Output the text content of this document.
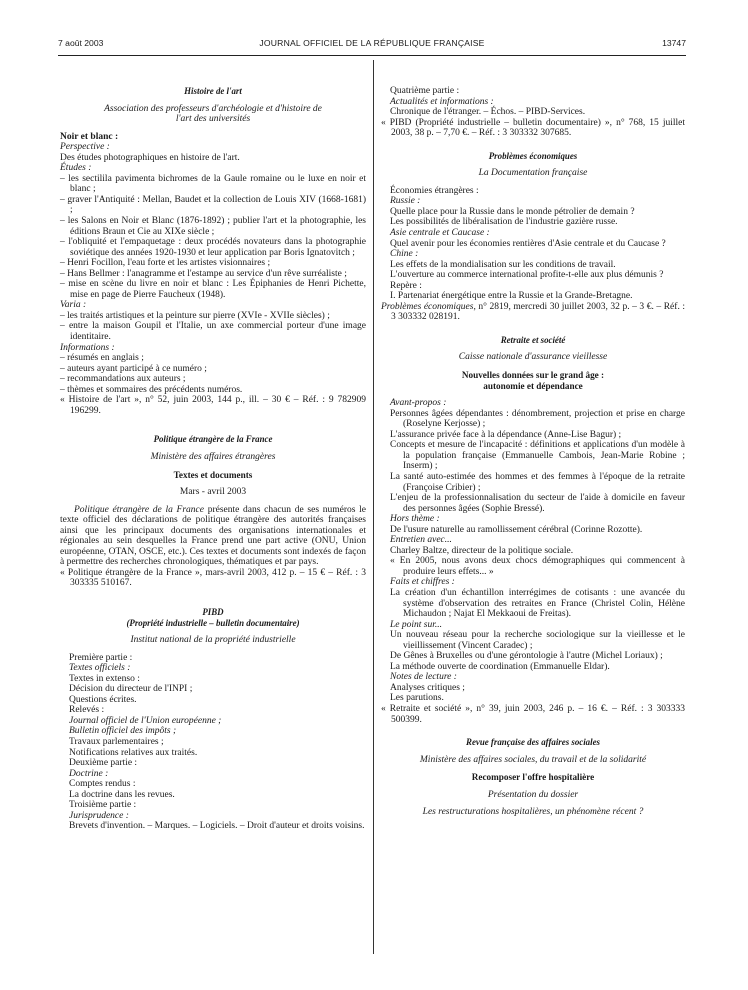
7 août 2003	JOURNAL OFFICIEL DE LA RÉPUBLIQUE FRANÇAISE	13747

Histoire de l'art

Association des professeurs d'archéologie et d'histoire de l'art des universités

Noir et blanc :

Perspective :

Des études photographiques en histoire de l'art.

Études :

– les sectilila pavimenta bichromes de la Gaule romaine ou le luxe en noir et blanc ;

– graver l'Antiquité : Mellan, Baudet et la collection de Louis XIV (1668-1681) ;

– les Salons en Noir et Blanc (1876-1892) ; publier l'art et la photographie, les éditions Braun et Cie au XIXe siècle ;

– l'obliquité et l'empaquetage : deux procédés novateurs dans la photographie soviétique des années 1920-1930 et leur application par Boris Ignatovitch ;

– Henri Focillon, l'eau forte et les artistes visionnaires ;

– Hans Bellmer : l'anagramme et l'estampe au service d'un rêve surréaliste ;

– mise en scène du livre en noir et blanc : Les Épiphanies de Henri Pichette, mise en page de Pierre Faucheux (1948).

Varia :

– les traités artistiques et la peinture sur pierre (XVIe - XVIIe siècles) ;

– entre la maison Goupil et l'Italie, un axe commercial porteur d'une image identitaire.

Informations :

– résumés en anglais ;

– auteurs ayant participé à ce numéro ;

– recommandations aux auteurs ;

– thèmes et sommaires des précédents numéros.

« Histoire de l'art », n° 52, juin 2003, 144 p., ill. – 30 € – Réf. : 9 782909 196299.

Politique étrangère de la France

Ministère des affaires étrangères

Textes et documents

Mars - avril 2003

Politique étrangère de la France présente dans chacun de ses numéros le texte officiel des déclarations de politique étrangère des autorités françaises ainsi que les principaux documents des organisations internationales et régionales au sein desquelles la France prend une part active (ONU, Union européenne, OTAN, OSCE, etc.). Ces textes et documents sont indexés de façon à permettre des recherches chronologiques, thématiques et par pays.

« Politique étrangère de la France », mars-avril 2003, 412 p. – 15 € – Réf. : 3 303335 510167.

PIBD

(Propriété industrielle – bulletin documentaire)

Institut national de la propriété industrielle

Première partie :

Textes officiels :

Textes in extenso :

Décision du directeur de l'INPI ;

Questions écrites.

Relevés :

Journal officiel de l'Union européenne ;

Bulletin officiel des impôts ;

Travaux parlementaires ;

Notifications relatives aux traités.

Deuxième partie :

Doctrine :

Comptes rendus :

La doctrine dans les revues.

Troisième partie :

Jurisprudence :

Brevets d'invention. – Marques. – Logiciels. – Droit d'auteur et droits voisins.

Quatrième partie :

Actualités et informations :

Chronique de l'étranger. – Échos. – PIBD-Services.

« PIBD (Propriété industrielle – bulletin documentaire) », n° 768, 15 juillet 2003, 38 p. – 7,70 €. – Réf. : 3 303332 307685.

Problèmes économiques

La Documentation française

Économies étrangères :

Russie :

Quelle place pour la Russie dans le monde pétrolier de demain ?

Les possibilités de libéralisation de l'industrie gazière russe.

Asie centrale et Caucase :

Quel avenir pour les économies rentières d'Asie centrale et du Caucase ?

Chine :

Les effets de la mondialisation sur les conditions de travail.

L'ouverture au commerce international profite-t-elle aux plus démunis ?

Repère :

I. Partenariat énergétique entre la Russie et la Grande-Bretagne.

Problèmes économiques, n° 2819, mercredi 30 juillet 2003, 32 p. – 3 €. – Réf. : 3 303332 028191.

Retraite et société

Caisse nationale d'assurance vieillesse

Nouvelles données sur le grand âge :

autonomie et dépendance

Avant-propos :

Personnes âgées dépendantes : dénombrement, projection et prise en charge (Roselyne Kerjosse) ;

L'assurance privée face à la dépendance (Anne-Lise Bagur) ;

Concepts et mesure de l'incapacité : définitions et applications d'un modèle à la population française (Emmanuelle Cambois, Jean-Marie Robine ; Inserm) ;

La santé auto-estimée des hommes et des femmes à l'époque de la retraite (Françoise Cribier) ;

L'enjeu de la professionnalisation du secteur de l'aide à domicile en faveur des personnes âgées (Sophie Bressé).

Hors thème :

De l'usure naturelle au ramollissement cérébral (Corinne Rozotte).

Entretien avec...

Charley Baltze, directeur de la politique sociale.

« En 2005, nous avons deux chocs démographiques qui commencent à produire leurs effets... »

Faits et chiffres :

La création d'un échantillon interrégimes de cotisants : une avancée du système d'observation des retraites en France (Christel Colin, Hélène Michaudon ; Najat El Mekkaoui de Freitas).

Le point sur...

Un nouveau réseau pour la recherche sociologique sur la vieillesse et le vieillissement (Vincent Caradec) ;

De Gênes à Bruxelles ou d'une gérontologie à l'autre (Michel Loriaux) ;

La méthode ouverte de coordination (Emmanuelle Eldar).

Notes de lecture :

Analyses critiques ;

Les parutions.

« Retraite et société », n° 39, juin 2003, 246 p. – 16 €. – Réf. : 3 303333 500399.

Revue française des affaires sociales

Ministère des affaires sociales, du travail et de la solidarité

Recomposer l'offre hospitalière

Présentation du dossier

Les restructurations hospitalières, un phénomène récent ?
